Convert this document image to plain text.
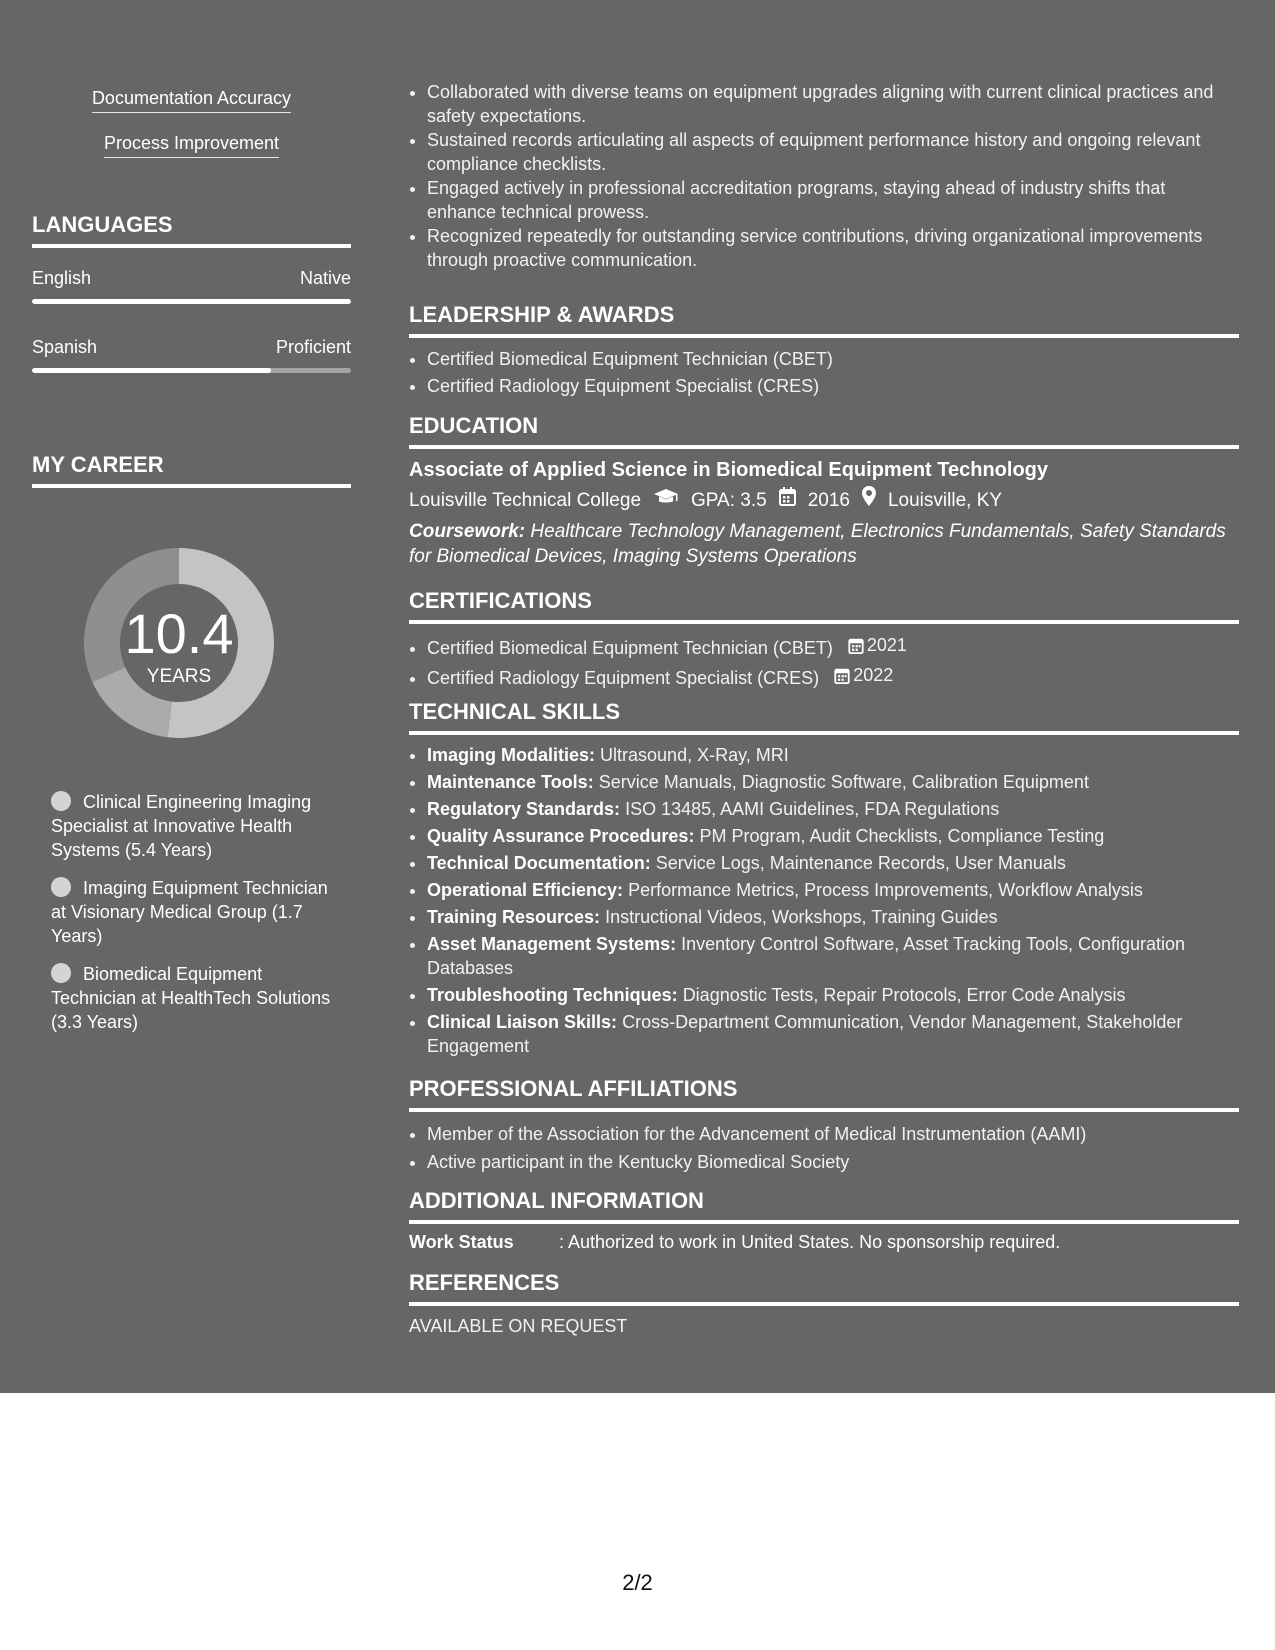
Documentation Accuracy
Process Improvement
LANGUAGES
English	Native
Spanish	Proficient
MY CAREER
10.4
YEARS
Clinical Engineering Imaging Specialist at Innovative Health Systems (5.4 Years)
Imaging Equipment Technician at Visionary Medical Group (1.7 Years)
Biomedical Equipment Technician at HealthTech Solutions (3.3 Years)
• Collaborated with diverse teams on equipment upgrades aligning with current clinical practices and safety expectations.
• Sustained records articulating all aspects of equipment performance history and ongoing relevant compliance checklists.
• Engaged actively in professional accreditation programs, staying ahead of industry shifts that enhance technical prowess.
• Recognized repeatedly for outstanding service contributions, driving organizational improvements through proactive communication.
LEADERSHIP & AWARDS
• Certified Biomedical Equipment Technician (CBET)
• Certified Radiology Equipment Specialist (CRES)
EDUCATION
Associate of Applied Science in Biomedical Equipment Technology
Louisville Technical College	GPA: 3.5 2016 Louisville, KY
Coursework: Healthcare Technology Management, Electronics Fundamentals, Safety Standards for Biomedical Devices, Imaging Systems Operations
CERTIFICATIONS
• Certified Biomedical Equipment Technician (CBET) 2021
• Certified Radiology Equipment Specialist (CRES) 2022
TECHNICAL SKILLS
• Imaging Modalities: Ultrasound, X-Ray, MRI
• Maintenance Tools: Service Manuals, Diagnostic Software, Calibration Equipment
• Regulatory Standards: ISO 13485, AAMI Guidelines, FDA Regulations
• Quality Assurance Procedures: PM Program, Audit Checklists, Compliance Testing
• Technical Documentation: Service Logs, Maintenance Records, User Manuals
• Operational Efficiency: Performance Metrics, Process Improvements, Workflow Analysis
• Training Resources: Instructional Videos, Workshops, Training Guides
• Asset Management Systems: Inventory Control Software, Asset Tracking Tools, Configuration Databases
• Troubleshooting Techniques: Diagnostic Tests, Repair Protocols, Error Code Analysis
• Clinical Liaison Skills: Cross-Department Communication, Vendor Management, Stakeholder Engagement
PROFESSIONAL AFFILIATIONS
• Member of the Association for the Advancement of Medical Instrumentation (AAMI)
• Active participant in the Kentucky Biomedical Society
ADDITIONAL INFORMATION
Work Status	: Authorized to work in United States. No sponsorship required.
REFERENCES
AVAILABLE ON REQUEST
2/2
